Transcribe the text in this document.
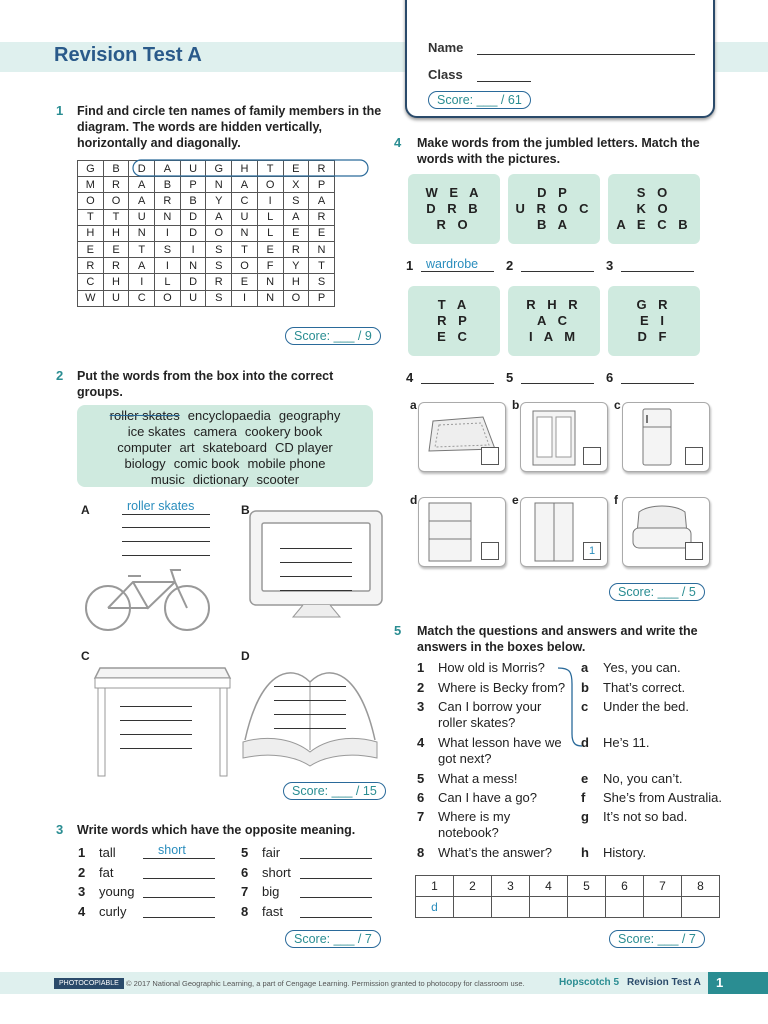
Revision Test A	Name
Class
Score: ___ / 61
1 Find and circle ten names of family members in the diagram. The words are hidden vertically, horizontally and diagonally.
G	B	D	A	U	G	H	T	E	R
M	R	A	B	P	N	A	O	X	P
O	O	A	R	B	Y	C	I	S	A
T	T	U	N	D	A	U	L	A	R
H	H	N	I	D	O	N	L	E	E
E	E	T	S	I	S	T	E	R	N
R	R	A	I	N	S	O	F	Y	T
C	H	I	L	D	R	E	N	H	S
W	U	C	O	U	S	I	N	O	P
Score: ___ / 9
2 Put the words from the box into the correct groups.
roller skates encyclopaedia geography
ice skates camera cookery book
computer art skateboard CD player
biology comic book mobile phone
music dictionary scooter
A	roller skates	B
C	D
Score: ___ / 15
3 Write words which have the opposite meaning.
1 tall	short
2 fat
3 young
4 curly
5 fair
6 short
7 big
8 fast
Score: ___ / 7
4 Make words from the jumbled letters. Match the words with the pictures.
W E A
D R B
R O
D P
U R O C
B A
S O
K O
A E C B
T A
R P
E C
R H R
A C
I A M
G R
E I
D F
1	2	3
4	5	6
wardrobe
a	b	c
d	e
1
f
Score: ___ / 5
5 Match the questions and answers and write the answers in the boxes below.
1 How old is Morris?
2 Where is Becky from?
3 Can I borrow your roller skates?
4 What lesson have we got next?
5 What a mess!
6 Can I have a go?
7 Where is my notebook?
8 What’s the answer?
a Yes, you can.
b That’s correct.
c Under the bed.
d He’s 11.
e No, you can’t.
f She’s from Australia.
g It’s not so bad.
h History.
1	2	3	4	5	6	7	8
d							
Score: ___ / 7
PHOTOCOPIABLE © 2017 National Geographic Learning, a part of Cengage Learning. Permission granted to photocopy for classroom use.	Hopscotch 5 Revision Test A	1
